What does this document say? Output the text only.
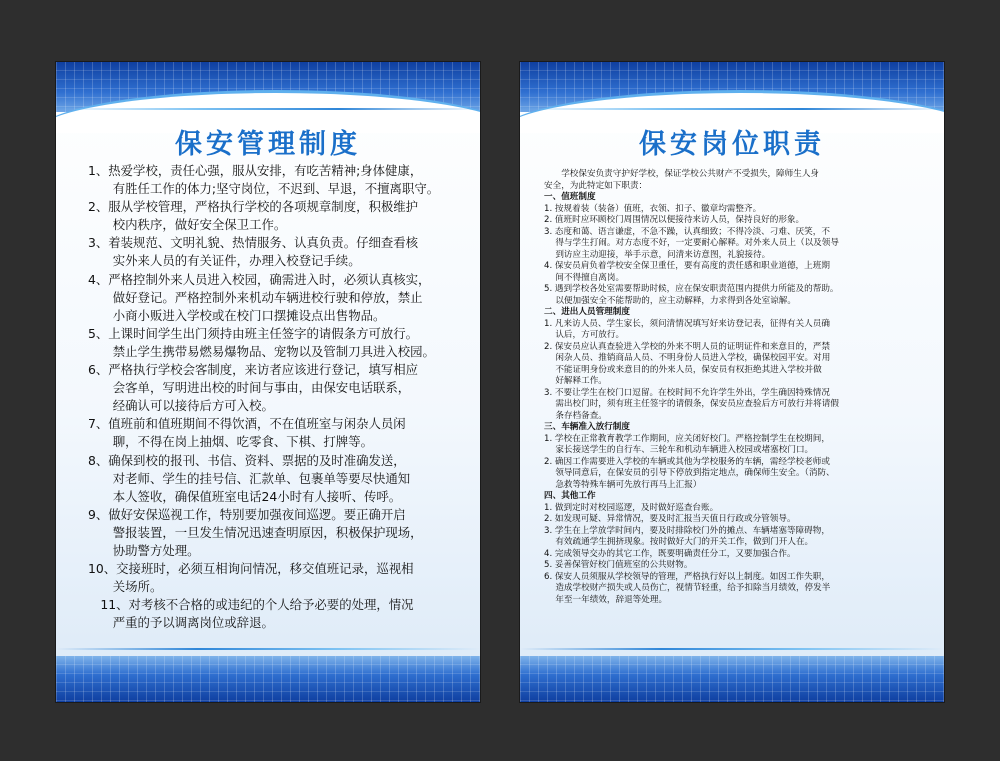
保安管理制度

1、热爱学校，责任心强，服从安排，有吃苦精神;身体健康，

　　有胜任工作的体力;坚守岗位，不迟到、早退，不擅离职守。

2、服从学校管理，严格执行学校的各项规章制度，积极维护

　　校内秩序，做好安全保卫工作。

3、着装规范、文明礼貌、热情服务、认真负责。仔细查看核

　　实外来人员的有关证件，办理入校登记手续。

4、严格控制外来人员进入校园，确需进入时，必须认真核实，

　　做好登记。严格控制外来机动车辆进校行驶和停放，禁止

　　小商小贩进入学校或在校门口摆摊设点出售物品。

5、上课时间学生出门须持由班主任签字的请假条方可放行。

　　禁止学生携带易燃易爆物品、宠物以及管制刀具进入校园。

6、严格执行学校会客制度，来访者应该进行登记，填写相应

　　会客单，写明进出校的时间与事由，由保安电话联系，

　　经确认可以接待后方可入校。

7、值班前和值班期间不得饮酒，不在值班室与闲杂人员闲

　　聊，不得在岗上抽烟、吃零食、下棋、打牌等。

8、确保到校的报刊、书信、资料、票据的及时准确发送，

　　对老师、学生的挂号信、汇款单、包裹单等要尽快通知

　　本人签收，确保值班室电话24小时有人接听、传呼。

9、做好安保巡视工作，特别要加强夜间巡逻。要正确开启

　　警报装置，一旦发生情况迅速查明原因，积极保护现场，

　　协助警方处理。

10、交接班时，必须互相询问情况，移交值班记录，巡视相

　　关场所。

　11、对考核不合格的或违纪的个人给予必要的处理，情况

　　严重的予以调离岗位或辞退。

保安岗位职责

　　学校保安负责守护好学校，保证学校公共财产不受损失，障师生人身

安全，为此特定如下职责：

一、值班制度

1. 按规着装（装备）值班，衣领、扣子、徽章均需整齐。

2. 值班时应环顾校门周围情况以便接待来访人员，保持良好的形象。

3. 态度和蔼、语言谦虚，不急不躁，认真细致；不得冷淡、刁难、厌笑，不

　 得与学生打闹。对方态度不好，一定要耐心解释。对外来人员上（以及领导

　 到访应主动迎接，举手示意，问清来访意图，礼貌接待。

4. 保安员肩负着学校安全保卫重任，要有高度的责任感和职业道德，上班期

　 间不得擅自离岗。

5. 遇到学校各处室需要帮助时候，应在保安职责范围内提供力所能及的帮助。

　 以便加强安全不能帮助的，应主动解释，力求得到各处室谅解。

二、进出人员管理制度

1. 凡来访人员、学生家长，须问清情况填写好来访登记表，征得有关人员确

　 认后，方可放行。

2. 保安员应认真查验进入学校的外来不明人员的证明证件和来意目的，严禁

　 闲杂人员、推销商品人员、不明身份人员进入学校，确保校园平安。对用

　 不能证明身份或来意目的的外来人员，保安员有权拒绝其进入学校并做

　 好解释工作。

3. 不要让学生在校门口逗留。在校时间不允许学生外出，学生确因特殊情况

　 需出校门时，须有班主任签字的请假条，保安员应查验后方可放行并将请假

　 条存档备查。

三、车辆准入放行制度

1. 学校在正常教育教学工作期间，应关闭好校门。严格控制学生在校期间，

　 家长接送学生的自行车、三轮车和机动车辆进入校园或堵塞校门口。

2. 确因工作需要进入学校的车辆或其他为学校服务的车辆，需经学校老师或

　 领导同意后，在保安员的引导下停放到指定地点，确保师生安全。（消防、

　 急救等特殊车辆可先放行再马上汇报）

四、其他工作

1. 做到定时对校园巡逻，及时做好巡查台账。

2. 如发现可疑、异常情况，要及时汇报当天值日行政或分管领导。

3. 学生在上学放学时间内，要及时排除校门外的摊点、车辆堵塞等障碍物，

　 有效疏通学生拥挤现象。按时做好大门的开关工作，做到门开人在。

4. 完成领导交办的其它工作，既要明确责任分工，又要加强合作。

5. 妥善保管好校门值班室的公共财物。

6. 保安人员须服从学校领导的管理，严格执行好以上制度。如因工作失职，

　 造成学校财产损失或人员伤亡，视情节轻重，给予扣除当月绩效，停发半

　 年至一年绩效，辞退等处理。
